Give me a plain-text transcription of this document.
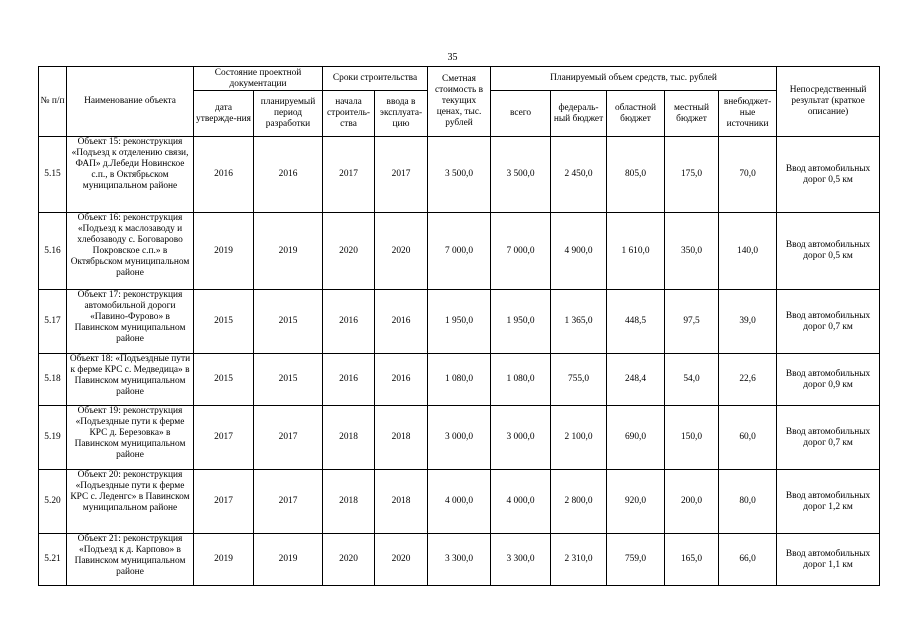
35
№ п/п	Наименование объекта	Состояние проектной документации		Сроки строительства		Сметная стоимость в текущих ценах, тыс. рублей	Планируемый объем средств, тыс. рублей					Непосредственный результат (краткое описание)
		дата утвержде-ния	планируемый период разработки	начала строитель-ства	ввода в эксплуата-цию		всего	федераль-ный бюджет	областной бюджет	местный бюджет	внебюджет-ные источники	
5.15	Объект 15: реконструкция «Подъезд к отделению связи, ФАП» д.Лебеди Новинское с.п., в Октябрьском муниципальном районе	2016	2016	2017	2017	3 500,0	3 500,0	2 450,0	805,0	175,0	70,0	Ввод автомобильных дорог 0,5 км
5.16	Объект 16: реконструкция «Подъезд к маслозаводу и хлебозаводу с. Боговарово Покровское с.п.» в Октябрьском муниципальном районе	2019	2019	2020	2020	7 000,0	7 000,0	4 900,0	1 610,0	350,0	140,0	Ввод автомобильных дорог 0,5 км
5.17	Объект 17: реконструкция автомобильной дороги «Павино-Фурово» в Павинском муниципальном районе	2015	2015	2016	2016	1 950,0	1 950,0	1 365,0	448,5	97,5	39,0	Ввод автомобильных дорог 0,7 км
5.18	Объект 18: «Подъездные пути к ферме КРС с. Медведица» в Павинском муниципальном районе	2015	2015	2016	2016	1 080,0	1 080,0	755,0	248,4	54,0	22,6	Ввод автомобильных дорог 0,9 км
5.19	Объект 19: реконструкция «Подъездные пути к ферме КРС д. Березовка» в Павинском муниципальном районе	2017	2017	2018	2018	3 000,0	3 000,0	2 100,0	690,0	150,0	60,0	Ввод автомобильных дорог 0,7 км
5.20	Объект 20: реконструкция «Подъездные пути к ферме КРС с. Леденгс» в Павинском муниципальном районе	2017	2017	2018	2018	4 000,0	4 000,0	2 800,0	920,0	200,0	80,0	Ввод автомобильных дорог 1,2 км
5.21	Объект 21: реконструкция «Подъезд к д. Карпово» в Павинском муниципальном районе	2019	2019	2020	2020	3 300,0	3 300,0	2 310,0	759,0	165,0	66,0	Ввод автомобильных дорог 1,1 км
